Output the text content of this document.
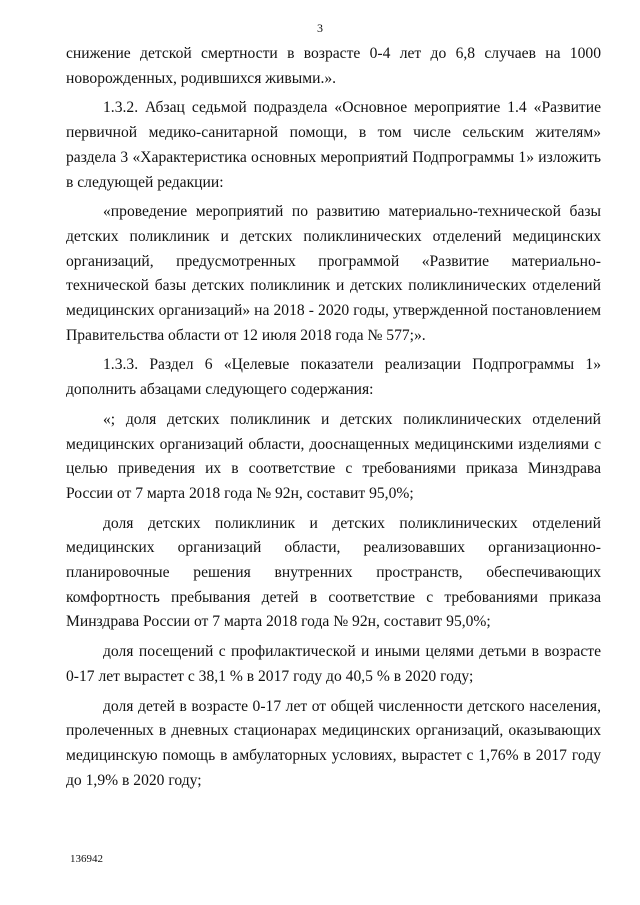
3

снижение детской смертности в возрасте 0-4 лет до 6,8 случаев на 1000 новорожденных, родившихся живыми.».

1.3.2. Абзац седьмой подраздела «Основное мероприятие 1.4 «Развитие первичной медико-санитарной помощи, в том числе сельским жителям» раздела 3 «Характеристика основных мероприятий Подпрограммы 1» изложить в следующей редакции:

«проведение мероприятий по развитию материально-технической базы детских поликлиник и детских поликлинических отделений медицинских организаций, предусмотренных программой «Развитие материально-технической базы детских поликлиник и детских поликлинических отделений медицинских организаций» на 2018 - 2020 годы, утвержденной постановлением Правительства области от 12 июля 2018 года № 577;».

1.3.3. Раздел 6 «Целевые показатели реализации Подпрограммы 1» дополнить абзацами следующего содержания:

«; доля детских поликлиник и детских поликлинических отделений медицинских организаций области, дооснащенных медицинскими изделиями с целью приведения их в соответствие с требованиями приказа Минздрава России от 7 марта 2018 года № 92н, составит 95,0%;

доля детских поликлиник и детских поликлинических отделений медицинских организаций области, реализовавших организационно-планировочные решения внутренних пространств, обеспечивающих комфортность пребывания детей в соответствие с требованиями приказа Минздрава России от 7 марта 2018 года № 92н, составит 95,0%;

доля посещений с профилактической и иными целями детьми в возрасте 0-17 лет вырастет с 38,1 % в 2017 году до 40,5 % в 2020 году;

доля детей в возрасте 0-17 лет от общей численности детского населения, пролеченных в дневных стационарах медицинских организаций, оказывающих медицинскую помощь в амбулаторных условиях, вырастет с 1,76% в 2017 году до 1,9% в 2020 году;

136942
